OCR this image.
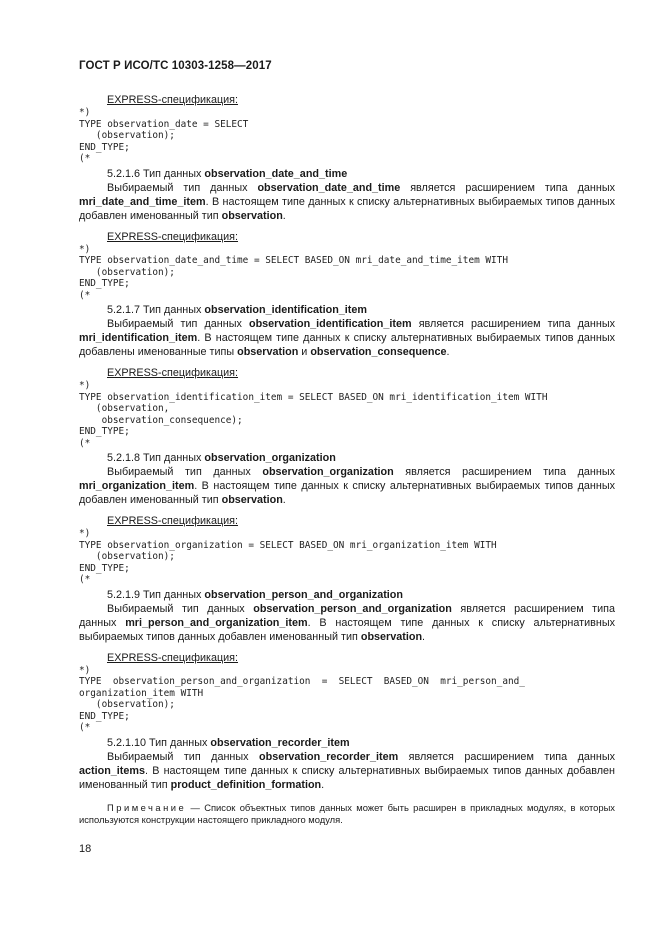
ГОСТ Р ИСО/ТС 10303-1258—2017
EXPRESS-спецификация:
*)
TYPE observation_date = SELECT
(observation);
END_TYPE;
(*
5.2.1.6 Тип данных observation_date_and_time

Выбираемый тип данных observation_date_and_time является расширением типа данных mri_date_and_time_item. В настоящем типе данных к списку альтернативных выбираемых типов данных добавлен именованный тип observation.

EXPRESS-спецификация:
*)
TYPE observation_date_and_time = SELECT BASED_ON mri_date_and_time_item WITH
(observation);
END_TYPE;
(*
5.2.1.7 Тип данных observation_identification_item

Выбираемый тип данных observation_identification_item является расширением типа данных mri_identification_item. В настоящем типе данных к списку альтернативных выбираемых типов данных добавлены именованные типы observation и observation_consequence.

EXPRESS-спецификация:
*)
TYPE observation_identification_item = SELECT BASED_ON mri_identification_item WITH
(observation,
observation_consequence);
END_TYPE;
(*
5.2.1.8 Тип данных observation_organization

Выбираемый тип данных observation_organization является расширением типа данных mri_organization_item. В настоящем типе данных к списку альтернативных выбираемых типов данных добавлен именованный тип observation.

EXPRESS-спецификация:
*)
TYPE observation_organization = SELECT BASED_ON mri_organization_item WITH
(observation);
END_TYPE;
(*
5.2.1.9 Тип данных observation_person_and_organization

Выбираемый тип данных observation_person_and_organization является расширением типа данных mri_person_and_organization_item. В настоящем типе данных к списку альтернативных выбираемых типов данных добавлен именованный тип observation.

EXPRESS-спецификация:
*)
TYPE  observation_person_and_organization  =  SELECT  BASED_ON  mri_person_and_
organization_item WITH
(observation);
END_TYPE;
(*
5.2.1.10 Тип данных observation_recorder_item

Выбираемый тип данных observation_recorder_item является расширением типа данных action_items. В настоящем типе данных к списку альтернативных выбираемых типов данных добавлен именованный тип product_definition_formation.

Примечание — Список объектных типов данных может быть расширен в прикладных модулях, в которых используются конструкции настоящего прикладного модуля.
18
